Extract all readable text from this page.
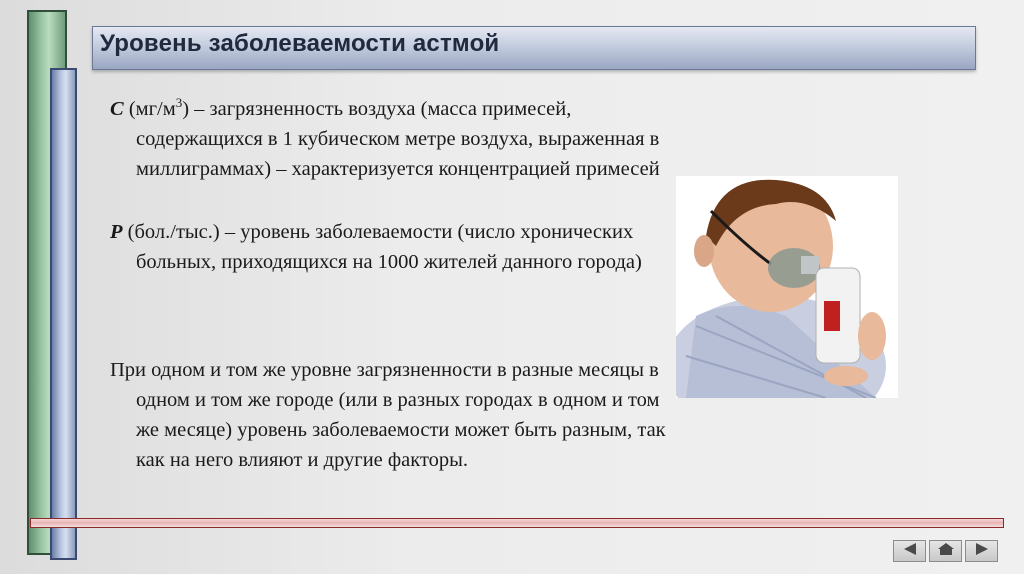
Уровень заболеваемости астмой
C $(мг/м^3)$ – загрязненность воздуха (масса примесей, содержащихся в 1 кубическом метре воздуха, выраженная в миллиграммах) – характеризуется концентрацией примесей
P (бол./тыс.) – уровень заболеваемости (число хронических больных, приходящихся на 1000 жителей данного города)
При одном и том же уровне загрязненности в разные месяцы в одном и том же городе (или в разных городах в одном и том же месяце) уровень заболеваемости может быть разным, так как на него влияют и другие факторы.
